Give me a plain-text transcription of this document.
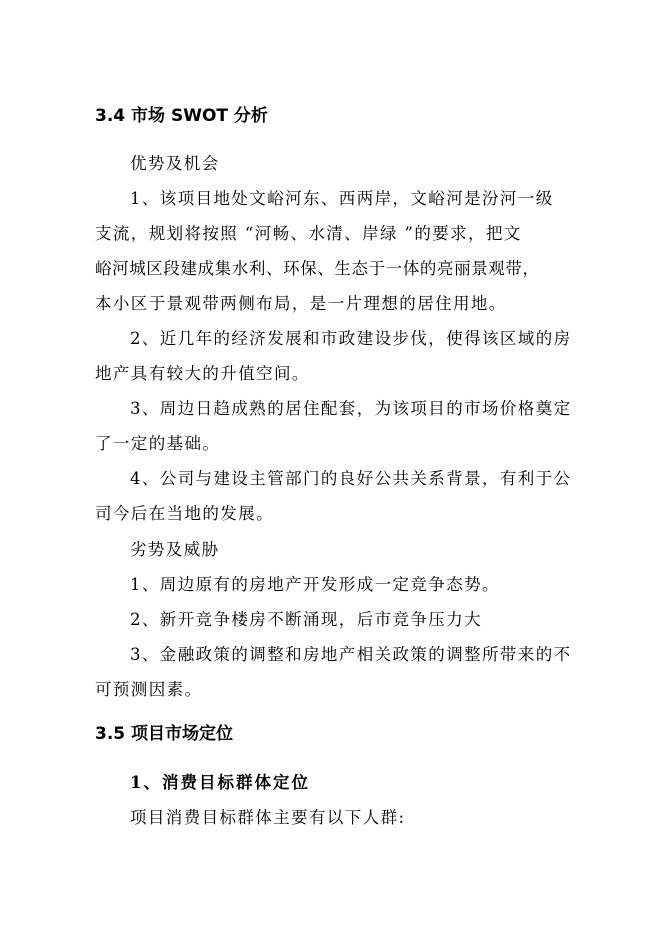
3.4 市场 SWOT 分析
优势及机会
1、该项目地处文峪河东、西两岸，文峪河是汾河一级
支流，规划将按照 “河畅、水清、岸绿 ”的要求，把文
峪河城区段建成集水利、环保、生态于一体的亮丽景观带，
本小区于景观带两侧布局，是一片理想的居住用地。
2、近几年的经济发展和市政建设步伐，使得该区域的房
地产具有较大的升值空间。
3、周边日趋成熟的居住配套，为该项目的市场价格奠定
了一定的基础。
4、公司与建设主管部门的良好公共关系背景，有利于公
司今后在当地的发展。
劣势及威胁
1、周边原有的房地产开发形成一定竞争态势。
2、新开竞争楼房不断涌现，后市竞争压力大
3、金融政策的调整和房地产相关政策的调整所带来的不
可预测因素。
3.5 项目市场定位
1、消费目标群体定位
项目消费目标群体主要有以下人群:
